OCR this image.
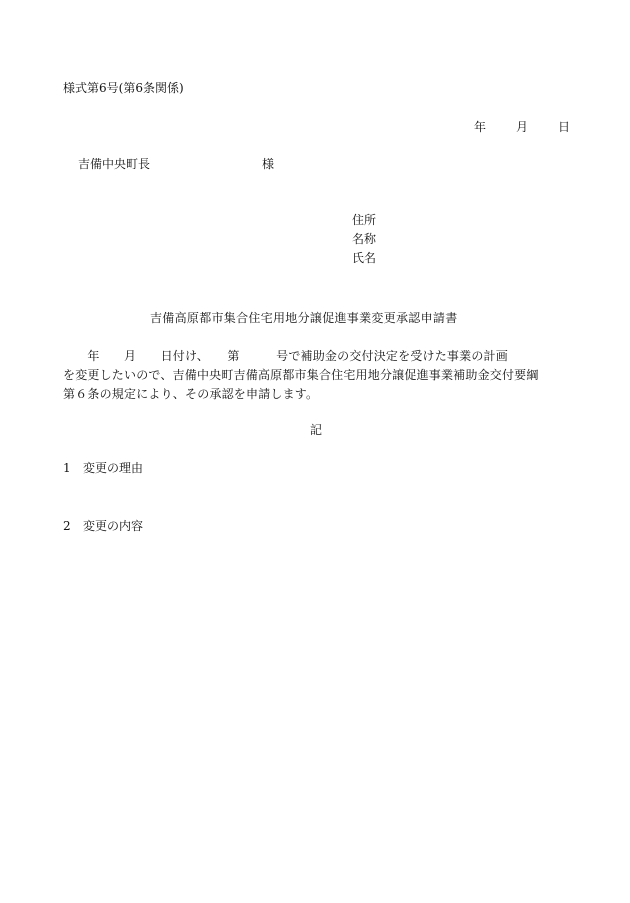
様式第6号(第6条関係)
年	月	日
吉備中央町長	様
住所
名称
氏名
吉備高原都市集合住宅用地分譲促進事業変更承認申請書
　　年　　月　　日付け、　　第　　　号で補助金の交付決定を受けた事業の計画
を変更したいので、吉備中央町吉備高原都市集合住宅用地分譲促進事業補助金交付要綱
第６条の規定により、その承認を申請します。
記
1 変更の理由
2 変更の内容
